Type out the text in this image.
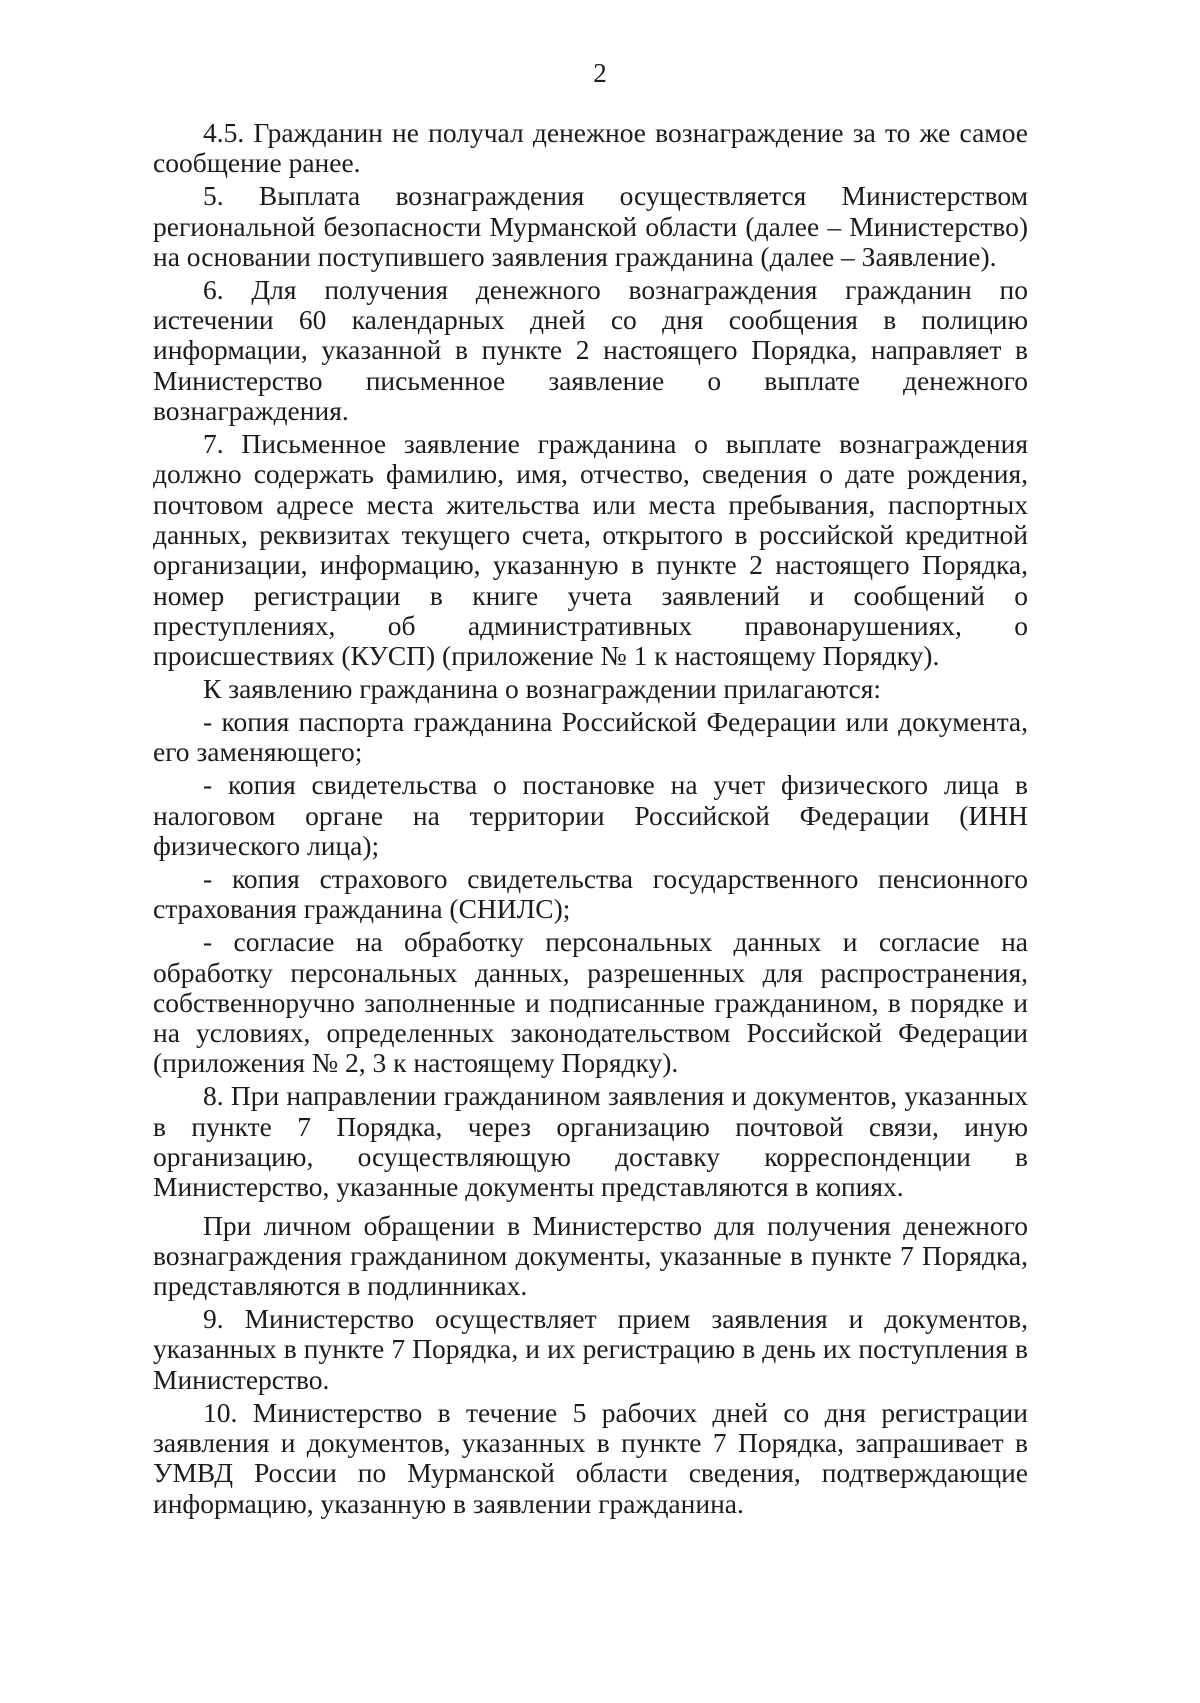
2

4.5. Гражданин не получал денежное вознаграждение за то же самое сообщение ранее.

5. Выплата вознаграждения осуществляется Министерством региональной безопасности Мурманской области (далее – Министерство) на основании поступившего заявления гражданина (далее – Заявление).

6. Для получения денежного вознаграждения гражданин по истечении 60 календарных дней со дня сообщения в полицию информации, указанной в пункте 2 настоящего Порядка, направляет в Министерство письменное заявление о выплате денежного вознаграждения.

7. Письменное заявление гражданина о выплате вознаграждения должно содержать фамилию, имя, отчество, сведения о дате рождения, почтовом адресе места жительства или места пребывания, паспортных данных, реквизитах текущего счета, открытого в российской кредитной организации, информацию, указанную в пункте 2 настоящего Порядка, номер регистрации в книге учета заявлений и сообщений о преступлениях, об административных правонарушениях, о происшествиях (КУСП) (приложение № 1 к настоящему Порядку).

К заявлению гражданина о вознаграждении прилагаются:

- копия паспорта гражданина Российской Федерации или документа, его заменяющего;

- копия свидетельства о постановке на учет физического лица в налоговом органе на территории Российской Федерации (ИНН физического лица);

- копия страхового свидетельства государственного пенсионного страхования гражданина (СНИЛС);

- согласие на обработку персональных данных и согласие на обработку персональных данных, разрешенных для распространения, собственноручно заполненные и подписанные гражданином, в порядке и на условиях, определенных законодательством Российской Федерации (приложения № 2, 3 к настоящему Порядку).

8. При направлении гражданином заявления и документов, указанных в пункте 7 Порядка, через организацию почтовой связи, иную организацию, осуществляющую доставку корреспонденции в Министерство, указанные документы представляются в копиях.

При личном обращении в Министерство для получения денежного вознаграждения гражданином документы, указанные в пункте 7 Порядка, представляются в подлинниках.

9. Министерство осуществляет прием заявления и документов, указанных в пункте 7 Порядка, и их регистрацию в день их поступления в Министерство.

10. Министерство в течение 5 рабочих дней со дня регистрации заявления и документов, указанных в пункте 7 Порядка, запрашивает в УМВД России по Мурманской области сведения, подтверждающие информацию, указанную в заявлении гражданина.
